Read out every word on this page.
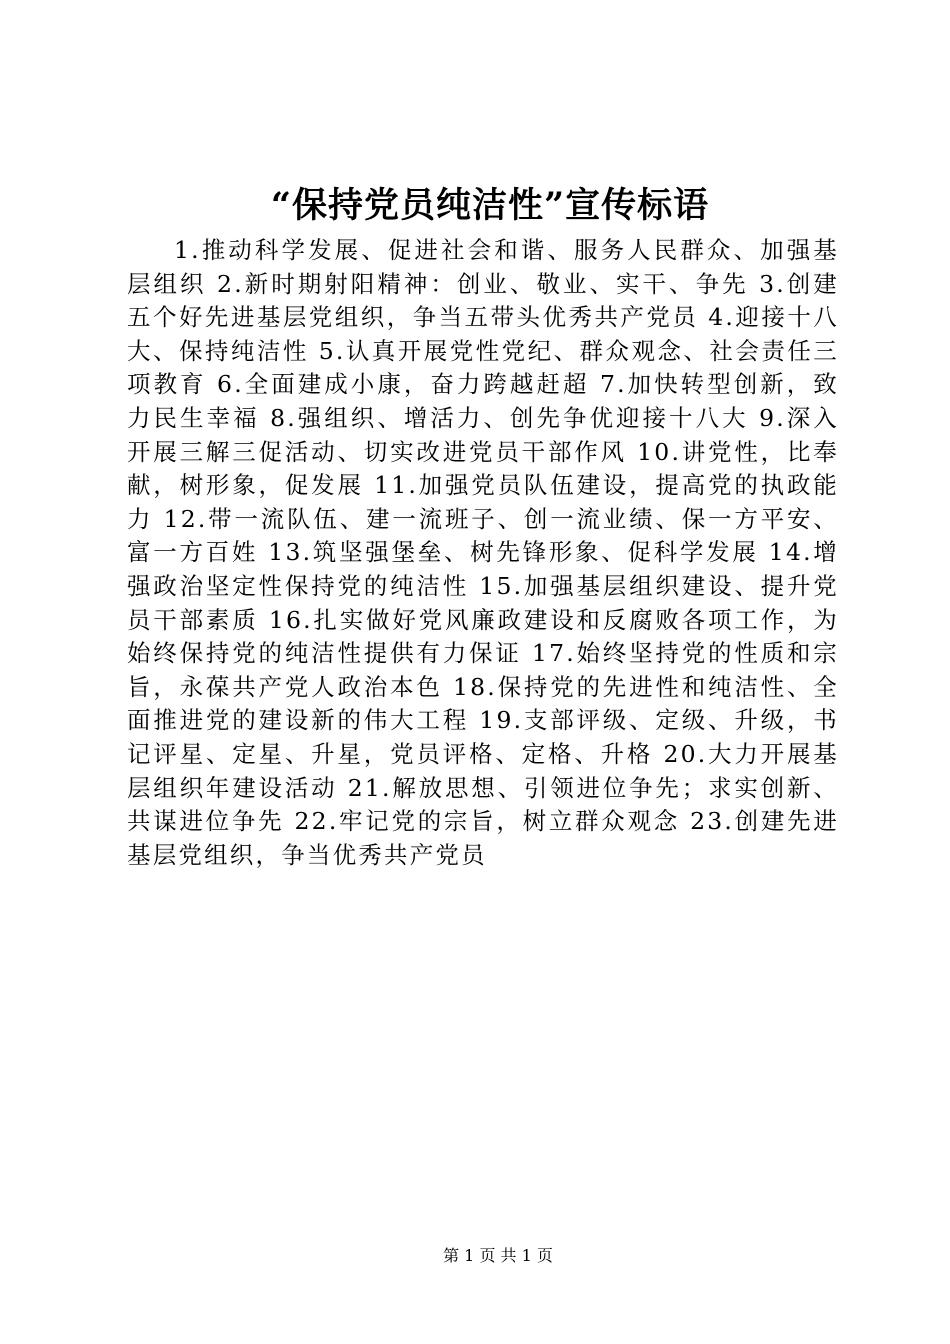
“保持党员纯洁性”宣传标语

1.推动科学发展、促进社会和谐、服务人民群众、加强基层组织 2.新时期射阳精神：创业、敬业、实干、争先 3.创建五个好先进基层党组织，争当五带头优秀共产党员 4.迎接十八大、保持纯洁性 5.认真开展党性党纪、群众观念、社会责任三项教育 6.全面建成小康，奋力跨越赶超 7.加快转型创新，致力民生幸福 8.强组织、增活力、创先争优迎接十八大 9.深入开展三解三促活动、切实改进党员干部作风 10.讲党性，比奉献，树形象，促发展 11.加强党员队伍建设，提高党的执政能力 12.带一流队伍、建一流班子、创一流业绩、保一方平安、富一方百姓 13.筑坚强堡垒、树先锋形象、促科学发展 14.增强政治坚定性保持党的纯洁性 15.加强基层组织建设、提升党员干部素质 16.扎实做好党风廉政建设和反腐败各项工作，为始终保持党的纯洁性提供有力保证 17.始终坚持党的性质和宗旨，永葆共产党人政治本色 18.保持党的先进性和纯洁性、全面推进党的建设新的伟大工程 19.支部评级、定级、升级，书记评星、定星、升星，党员评格、定格、升格 20.大力开展基层组织年建设活动 21.解放思想、引领进位争先；求实创新、共谋进位争先 22.牢记党的宗旨，树立群众观念 23.创建先进基层党组织，争当优秀共产党员

第 1 页 共 1 页
